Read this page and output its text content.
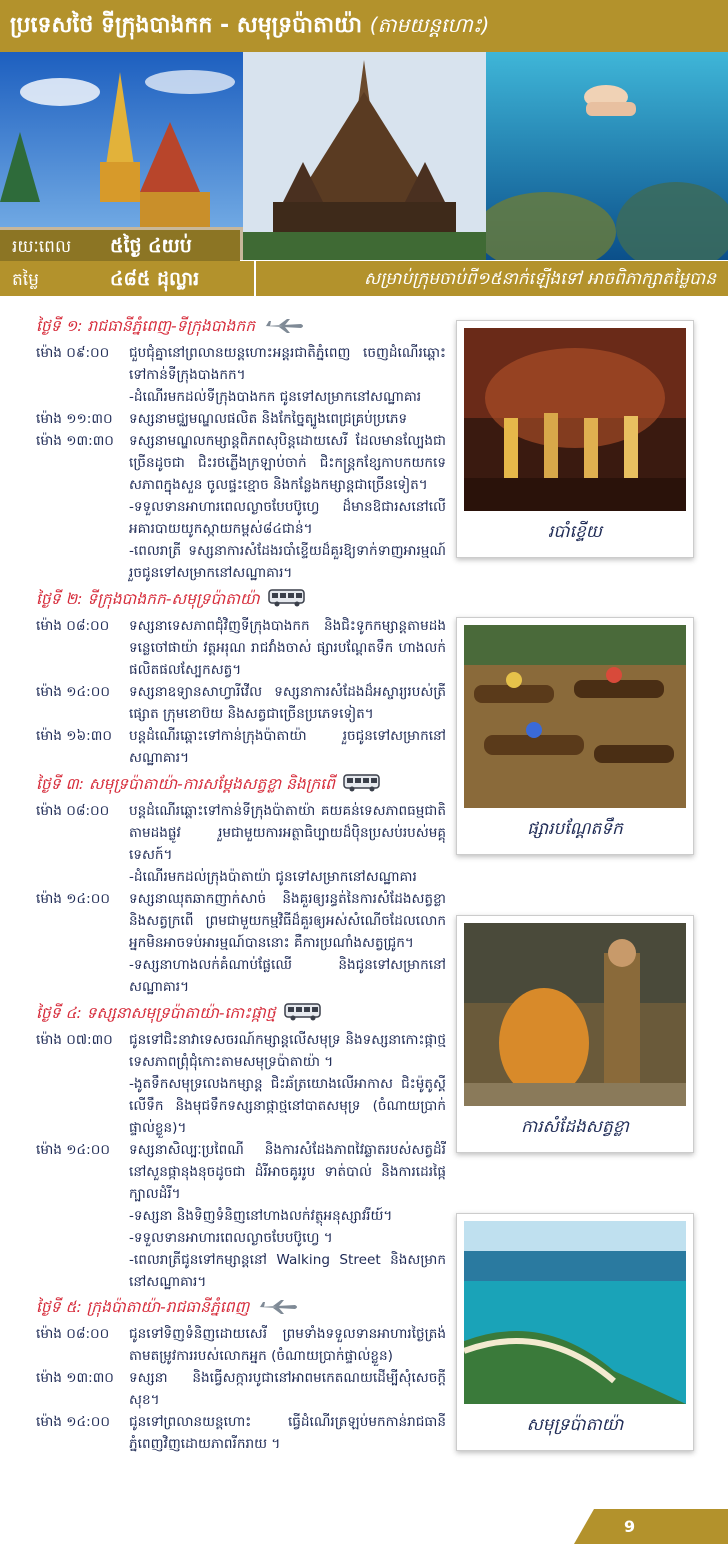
ប្រទេសថៃ ទីក្រុងបាងកក - សមុទ្រប៉ាតាយ៉ា (តាមយន្តហោះ)
រយៈពេល ៥ថ្ងៃ ៤យប់
តម្លៃ	៤៨៥ ដុល្លារ	សម្រាប់ក្រុមចាប់ពី១៥នាក់ឡើងទៅ អាចពិភាក្សាតម្លៃបាន
ថ្ងៃទី ១: រាជធានីភ្នំពេញ-ទីក្រុងបាងកក
ម៉ោង ០៩:០០	ជួបជុំគ្នានៅព្រលានយន្តហោះអន្តរជាតិភ្នំពេញ ចេញដំណើរឆ្ពោះទៅកាន់ទីក្រុងបាងកក។
-ដំណើរមកដល់ទីក្រុងបាងកក ជូនទៅសម្រាកនៅសណ្ឋាគារ
ម៉ោង ១១:៣០	ទស្សនាមជ្ឈមណ្ឌលផលិត និងកែច្នៃត្បូងពេជ្រគ្រប់ប្រភេទ
ម៉ោង ១៣:៣០	ទស្សនាមណ្ឌលកម្សាន្តពិភពសុបិន្តដោយសេរី ដែលមានល្បែងជាច្រើនដូចជា ជិះរថភ្លើងក្រឡាប់ចាក់ ជិះកន្ត្រកខ្សែកាបកយកទេសភាពក្នុងសួន ចូលផ្ទះខ្មោច និងកន្លែងកម្សាន្តជាច្រើនទៀត។
-ទទួលទានអាហារពេលល្ងាចបែបប៊ូហ្វេ ដ៏មានឱជារសនៅលើអគារបាយយូកស្កាយកម្ពស់៨៤ជាន់។
-ពេលរាត្រី ទស្សនាការសំដែងរបាំខ្ទើយដ៏គួរឱ្យទាក់ទាញអារម្មណ៍រួចជូនទៅសម្រាកនៅសណ្ឋាគារ។
ថ្ងៃទី ២: ទីក្រុងបាងកក-សមុទ្រប៉ាតាយ៉ា
ម៉ោង ០៨:០០	ទស្សនាទេសភាពជុំវិញទីក្រុងបាងកក និងជិះទូកកម្សាន្តតាមដងទន្លេចៅផាយ៉ា វត្តអរុណ រាជវាំងចាស់ ផ្សារបណ្តែតទឹក ហាងលក់ផលិតផលស្បែកសត្វ។
ម៉ោង ១៤:០០	ទស្សនាឧទ្យានសាហ្វារីវើល ទស្សនាការសំដែងដ៏អស្ចារ្យរបស់ត្រីផ្សោត ក្រុមខោប៊យ និងសត្វជាច្រើនប្រភេទទៀត។
ម៉ោង ១៦:៣០	បន្តដំណើរឆ្ពោះទៅកាន់ក្រុងប៉ាតាយ៉ា រួចជូនទៅសម្រាកនៅសណ្ឋាគារ។
ថ្ងៃទី ៣: សមុទ្រប៉ាតាយ៉ា-ការសម្តែងសត្វខ្លា និងក្រពើ
ម៉ោង ០៨:០០	បន្តដំណើរឆ្ពោះទៅកាន់ទីក្រុងប៉ាតាយ៉ា គយគន់ទេសភាពធម្មជាតិតាមដងផ្លូវ រួមជាមួយការអត្ថាធិប្បាយដ៏ប៉ិនប្រសប់របស់មគ្គុទេសក៍។
-ដំណើរមកដល់ក្រុងប៉ាតាយ៉ា ជូនទៅសម្រាកនៅសណ្ឋាគារ
ម៉ោង ១៤:០០	ទស្សនាឈុតឆាកញាក់សាច់ និងគួរឲ្យរន្ធត់នៃការសំដែងសត្វខ្លា និងសត្វក្រពើ ព្រមជាមួយកម្មវិធីដ៏គួរឲ្យអស់សំណើចដែលលោកអ្នកមិនអាចទប់អារម្មណ៍បាននោះ គឺការប្រណាំងសត្វជ្រូក។
-ទស្សនាហាងលក់គំណាប់ផ្លែឈើ និងជូនទៅសម្រាកនៅសណ្ឋាគារ។
ថ្ងៃទី ៤: ទស្សនាសមុទ្រប៉ាតាយ៉ា-កោះផ្កាថ្ម
ម៉ោង ០៧:៣០	ជូនទៅជិះនាវាទេសចរណ៍កម្សាន្តលើសមុទ្រ និងទស្សនាកោះផ្កាថ្មទេសភាពព្រុំជុំកោះតាមសមុទ្រប៉ាតាយ៉ា ។
-ងូតទឹកសមុទ្រលេងកម្សាន្ត ជិះឆ័ត្រយោងលើអាកាស ជិះម៉ូតូស្គីលើទឹក និងមុជទឹកទស្សនាផ្កាថ្មនៅបាតសមុទ្រ (ចំណាយប្រាក់ផ្ទាល់ខ្លួន)។
ម៉ោង ១៤:០០	ទស្សនាសិល្បៈប្រពៃណី និងការសំដែងភាពវៃឆ្លាតរបស់សត្វដំរីនៅសួនផ្កានុងនុចដូចជា ដំរីអាចគូររូប ទាត់បាល់ និងការដេរផ្កៃក្បាលដំរី។
-ទស្សនា និងទិញទំនិញនៅហាងលក់វត្ថុអនុស្សាវរីយ៍។
-ទទួលទានអាហារពេលល្ងាចបែបប៊ូហ្វេ ។
-ពេលរាត្រីជូនទៅកម្សាន្តនៅ Walking Street និងសម្រាកនៅសណ្ឋាគារ។
ថ្ងៃទី ៥: ក្រុងប៉ាតាយ៉ា-រាជធានីភ្នំពេញ
ម៉ោង ០៨:០០	ជូនទៅទិញទំនិញដោយសេរី ព្រមទាំងទទួលទានអាហារថ្ងៃត្រង់តាមតម្រូវការរបស់លោកអ្នក (ចំណាយប្រាក់ផ្ទាល់ខ្លួន)
ម៉ោង ១៣:៣០	ទស្សនា និងធ្វើសក្ការបូជានៅអាពមកេតណយដើម្បីសុំសេចក្តីសុខ។
ម៉ោង ១៤:០០	ជូនទៅព្រលានយន្តហោះ ធ្វើដំណើរត្រឡប់មកកាន់រាជធានីភ្នំពេញវិញដោយភាពរីករាយ ។
របាំខ្ទើយ
ផ្សារបណ្តែតទឹក
ការសំដែងសត្វខ្លា
សមុទ្រប៉ាតាយ៉ា
9
